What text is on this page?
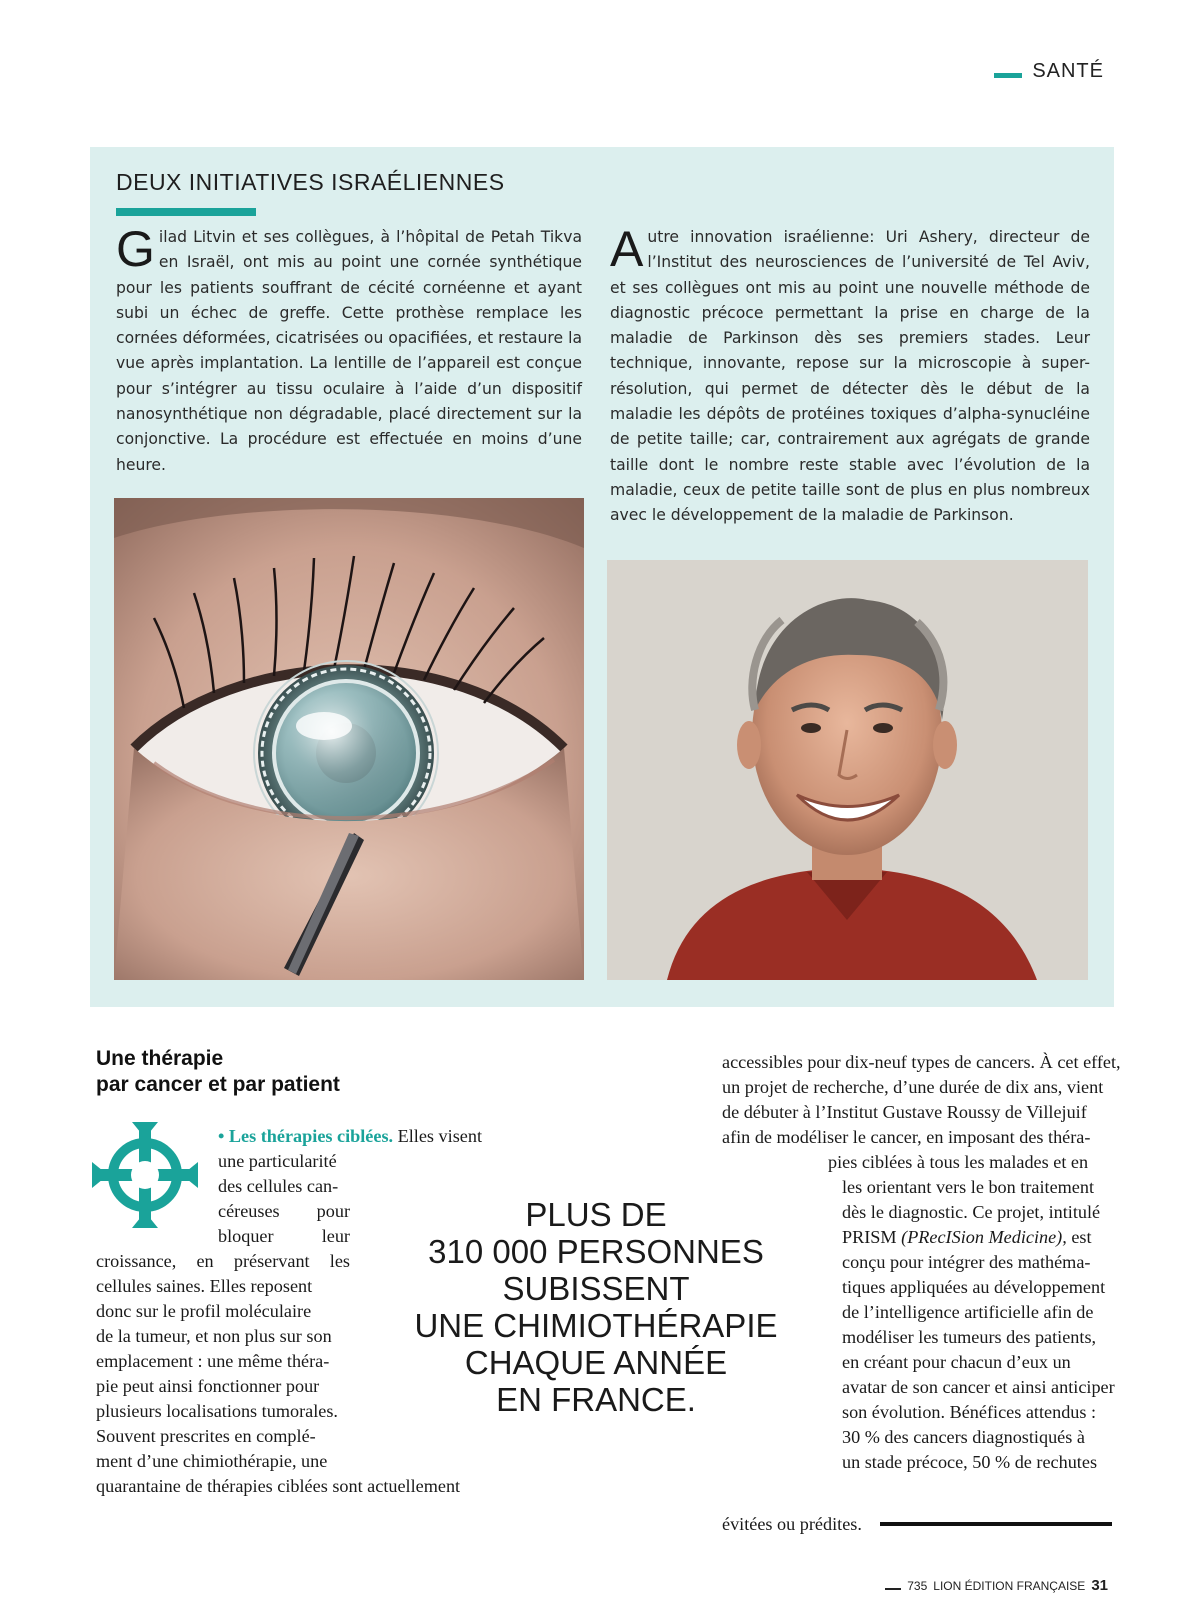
SANTÉ
DEUX INITIATIVES ISRAÉLIENNES
Gilad Litvin et ses collègues, à l’hôpital de Petah Tikva en Israël, ont mis au point une cornée synthétique pour les patients souffrant de cécité cornéenne et ayant subi un échec de greffe. Cette prothèse remplace les cornées déformées, cicatrisées ou opacifiées, et restaure la vue après implantation. La lentille de l’appareil est conçue pour s’intégrer au tissu oculaire à l’aide d’un dispositif nanosynthétique non dégradable, placé directement sur la conjonctive. La procédure est effectuée en moins d’une heure.
Autre innovation israélienne: Uri Ashery, directeur de l’Institut des neurosciences de l’université de Tel Aviv, et ses collègues ont mis au point une nouvelle méthode de diagnostic précoce permettant la prise en charge de la maladie de Parkinson dès ses premiers stades. Leur technique, innovante, repose sur la microscopie à super-résolution, qui permet de détecter dès le début de la maladie les dépôts de protéines toxiques d’alpha-synucléine de petite taille; car, contrairement aux agrégats de grande taille dont le nombre reste stable avec l’évolution de la maladie, ceux de petite taille sont de plus en plus nombreux avec le développement de la maladie de Parkinson.
Une thérapie
par cancer et par patient
• Les thérapies ciblées. Elles visent
une particularité
des cellules can-
céreuses pour
bloquer leur
croissance, en préservant les
cellules saines. Elles reposent
donc sur le profil moléculaire
de la tumeur, et non plus sur son
emplacement : une même théra-
pie peut ainsi fonctionner pour
plusieurs localisations tumorales.
Souvent prescrites en complé-
ment d’une chimiothérapie, une
quarantaine de thérapies ciblées sont actuellement
PLUS DE
310 000 PERSONNES
SUBISSENT
UNE CHIMIOTHÉRAPIE
CHAQUE ANNÉE
EN FRANCE.
accessibles pour dix-neuf types de cancers. À cet effet,
un projet de recherche, d’une durée de dix ans, vient
de débuter à l’Institut Gustave Roussy de Villejuif
afin de modéliser le cancer, en imposant des théra-
pies ciblées à tous les malades et en
les orientant vers le bon traitement
dès le diagnostic. Ce projet, intitulé
PRISM (PRecISion Medicine), est
conçu pour intégrer des mathéma-
tiques appliquées au développement
de l’intelligence artificielle afin de
modéliser les tumeurs des patients,
en créant pour chacun d’eux un
avatar de son cancer et ainsi anticiper
son évolution. Bénéfices attendus :
30 % des cancers diagnostiqués à
un stade précoce, 50 % de rechutes
évitées ou prédites.
735 LION ÉDITION FRANÇAISE 31
